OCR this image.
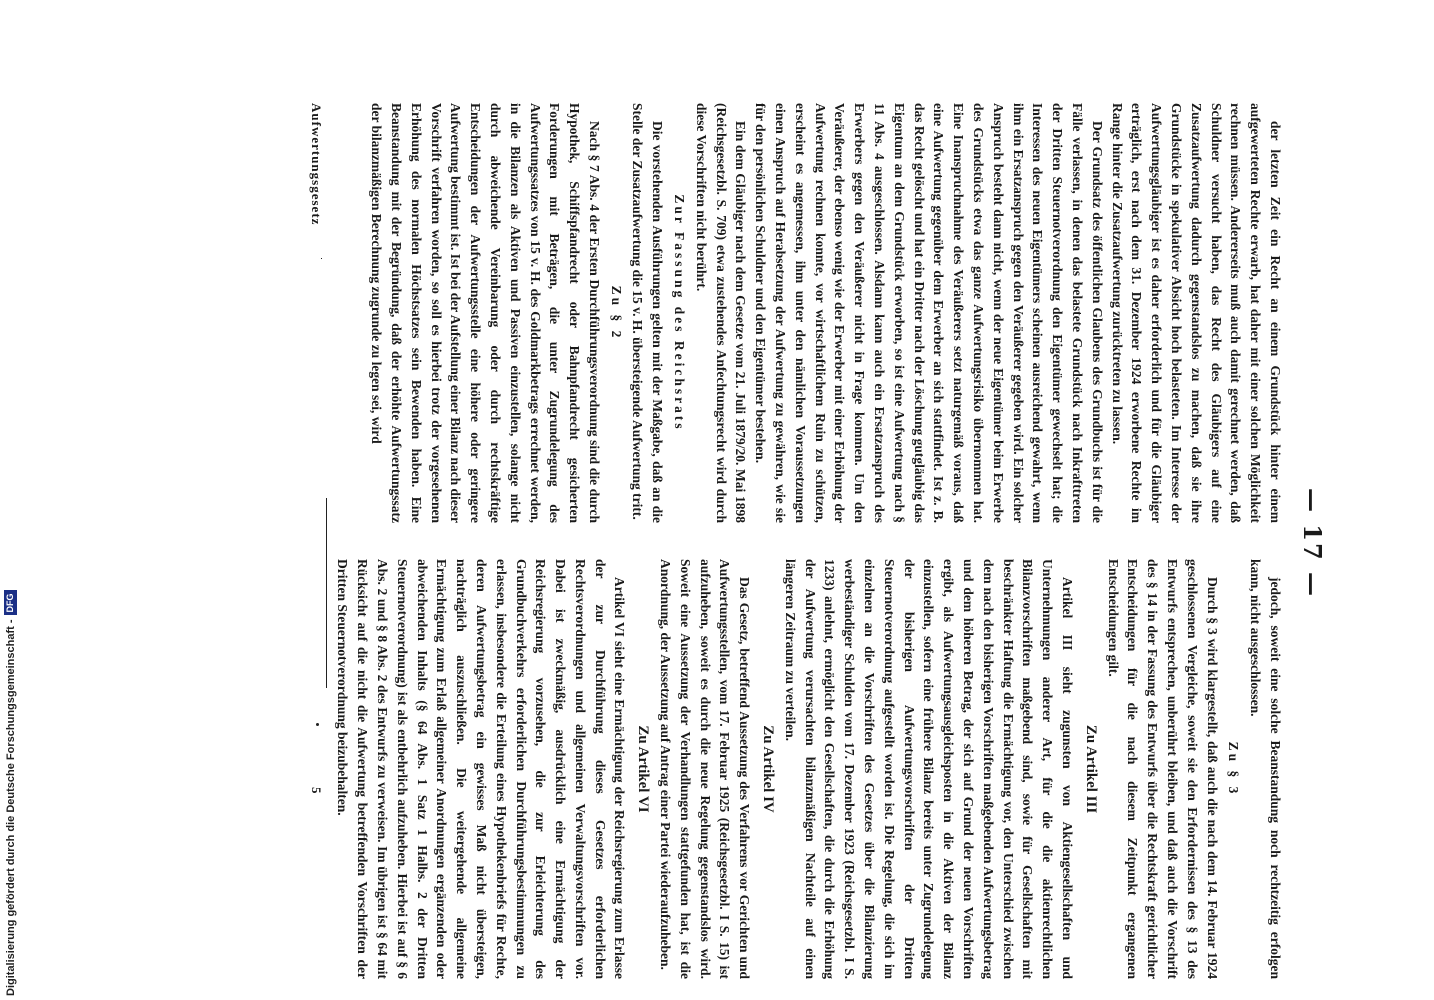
— 17 —

der letzten Zeit ein Recht an einem Grundstück hinter einem aufgewerteten Rechte erwarb, hat daher mit einer solchen Möglichkeit rechnen müssen. Andererseits muß auch damit gerechnet werden, daß Schuldner versucht haben, das Recht des Gläubigers auf eine Zusatzaufwertung dadurch gegenstandslos zu machen, daß sie ihre Grundstücke in spekulativer Absicht hoch belasteten. Im Interesse der Aufwertungsgläubiger ist es daher erforderlich und für die Gläubiger erträglich, erst nach dem 31. Dezember 1924 erworbene Rechte im Range hinter die Zusatzaufwertung zurücktreten zu lassen.

Der Grundsatz des öffentlichen Glaubens des Grundbuchs ist für die Fälle verlassen, in denen das belastete Grundstück nach Inkrafttreten der Dritten Steuernotverordnung den Eigentümer gewechselt hat; die Interessen des neuen Eigentümers scheinen ausreichend gewahrt, wenn ihm ein Ersatzanspruch gegen den Veräußerer gegeben wird. Ein solcher Anspruch besteht dann nicht, wenn der neue Eigentümer beim Erwerbe des Grundstücks etwa das ganze Aufwertungsrisiko übernommen hat. Eine Inanspruchnahme des Veräußerers setzt naturgemäß voraus, daß eine Aufwertung gegenüber dem Erwerber an sich stattfindet. Ist z. B. das Recht gelöscht und hat ein Dritter nach der Löschung gutgläubig das Eigentum an dem Grundstück erworben, so ist eine Aufwertung nach § 11 Abs. 4 ausgeschlossen. Alsdann kann auch ein Ersatzanspruch des Erwerbers gegen den Veräußerer nicht in Frage kommen. Um den Veräußerer, der ebenso wenig wie der Erwerber mit einer Erhöhung der Aufwertung rechnen konnte, vor wirtschaftlichem Ruin zu schützen, erscheint es angemessen, ihm unter den nämlichen Voraussetzungen einen Anspruch auf Herabsetzung der Aufwertung zu gewähren, wie sie für den persönlichen Schuldner und den Eigentümer bestehen.

Ein dem Gläubiger nach dem Gesetze vom 21. Juli 1879/20. Mai 1898 (Reichsgesetzbl. S. 709) etwa zustehendes Anfechtungsrecht wird durch diese Vorschriften nicht berührt.

Zur Fassung des Reichsrats

Die vorstehenden Ausführungen gelten mit der Maßgabe, daß an die Stelle der Zusatzaufwertung die 15 v. H. übersteigende Aufwertung tritt.

Zu § 2

Nach § 7 Abs. 4 der Ersten Durchführungsverordnung sind die durch Hypothek, Schiffspfandrecht oder Bahnpfandrecht gesicherten Forderungen mit Beträgen, die unter Zugrundelegung des Aufwertungssatzes von 15 v. H. des Goldmarkbetrags errechnet werden, in die Bilanzen als Aktiven und Passiven einzustellen, solange nicht durch abweichende Vereinbarung oder durch rechtskräftige Entscheidungen der Aufwertungsstelle eine höhere oder geringere Aufwertung bestimmt ist. Ist bei der Aufstellung einer Bilanz nach dieser Vorschrift verfahren worden, so soll es hierbei trotz der vorgesehenen Erhöhung des normalen Höchstsatzes sein Bewenden haben. Eine Beanstandung mit der Begründung, daß der erhöhte Aufwertungssatz der bilanzmäßigen Berechnung zugrunde zu legen sei, wird

jedoch, soweit eine solche Beanstandung noch rechtzeitig erfolgen kann, nicht ausgeschlossen.

Zu § 3

Durch § 3 wird klargestellt, daß auch die nach dem 14. Februar 1924 geschlossenen Vergleiche, soweit sie den Erfordernissen des § 13 des Entwurfs entsprechen, unberührt bleiben, und daß auch die Vorschrift des § 14 in der Fassung des Entwurfs über die Rechtskraft gerichtlicher Entscheidungen für die nach diesem Zeitpunkt ergangenen Entscheidungen gilt.

Zu Artikel III

Artikel III sieht zugunsten von Aktiengesellschaften und Unternehmungen anderer Art, für die die aktienrechtlichen Bilanzvorschriften maßgebend sind, sowie für Gesellschaften mit beschränkter Haftung die Ermächtigung vor, den Unterschied zwischen dem nach den bisherigen Vorschriften maßgebenden Aufwertungsbetrag und dem höheren Betrag, der sich auf Grund der neuen Vorschriften ergibt, als Aufwertungsausgleichsposten in die Aktiven der Bilanz einzustellen, sofern eine frühere Bilanz bereits unter Zugrundelegung der bisherigen Aufwertungsvorschriften der Dritten Steuernotverordnung aufgestellt worden ist. Die Regelung, die sich im einzelnen an die Vorschriften des Gesetzes über die Bilanzierung werbeständiger Schulden vom 17. Dezember 1923 (Reichsgesetzbl. I S. 1233) anlehnt, ermöglicht den Gesellschaften, die durch die Erhöhung der Aufwertung verursachten bilanzmäßigen Nachteile auf einen längeren Zeitraum zu verteilen.

Zu Artikel IV

Das Gesetz, betreffend Aussetzung des Verfahrens vor Gerichten und Aufwertungsstellen, vom 17. Februar 1925 (Reichsgesetzbl. I S. 15) ist aufzuheben, soweit es durch die neue Regelung gegenstandslos wird. Soweit eine Aussetzung der Verhandlungen stattgefunden hat, ist die Anordnung, der Aussetzung auf Antrag einer Partei wiederaufzuheben.

Zu Artikel VI

Artikel VI sieht eine Ermächtigung der Reichsregierung zum Erlasse der zur Durchführung dieses Gesetzes erforderlichen Rechtsverordnungen und allgemeinen Verwaltungsvorschriften vor. Dabei ist zweckmäßig, ausdrücklich eine Ermächtigung der Reichsregierung vorzusehen, die zur Erleichterung des Grundbuchverkehrs erforderlichen Durchführungsbestimmungen zu erlassen, insbesondere die Erteilung eines Hypothekenbriefs für Rechte, deren Aufwertungsbetrag ein gewisses Maß nicht übersteigen, nachträglich auszuschließen. Die weitergehende allgemeine Ermächtigung zum Erlaß allgemeiner Anordnungen ergänzenden oder abweichenden Inhalts (§ 64 Abs. 1 Satz 1 Halbs. 2 der Dritten Steuernotverordnung) ist als entbehrlich aufzuheben. Hierbei ist auf § 6 Abs. 2 und § 8 Abs. 2 des Entwurfs zu verweisen. Im übrigen ist § 64 mit Rücksicht auf die nicht die Aufwertung betreffenden Vorschriften der Dritten Steuernotverordnung beizubehalten.

Aufwertungsgesetz
5
Digitalisierung gefördert durch die Deutsche Forschungsgemeinschaft -
DFG
